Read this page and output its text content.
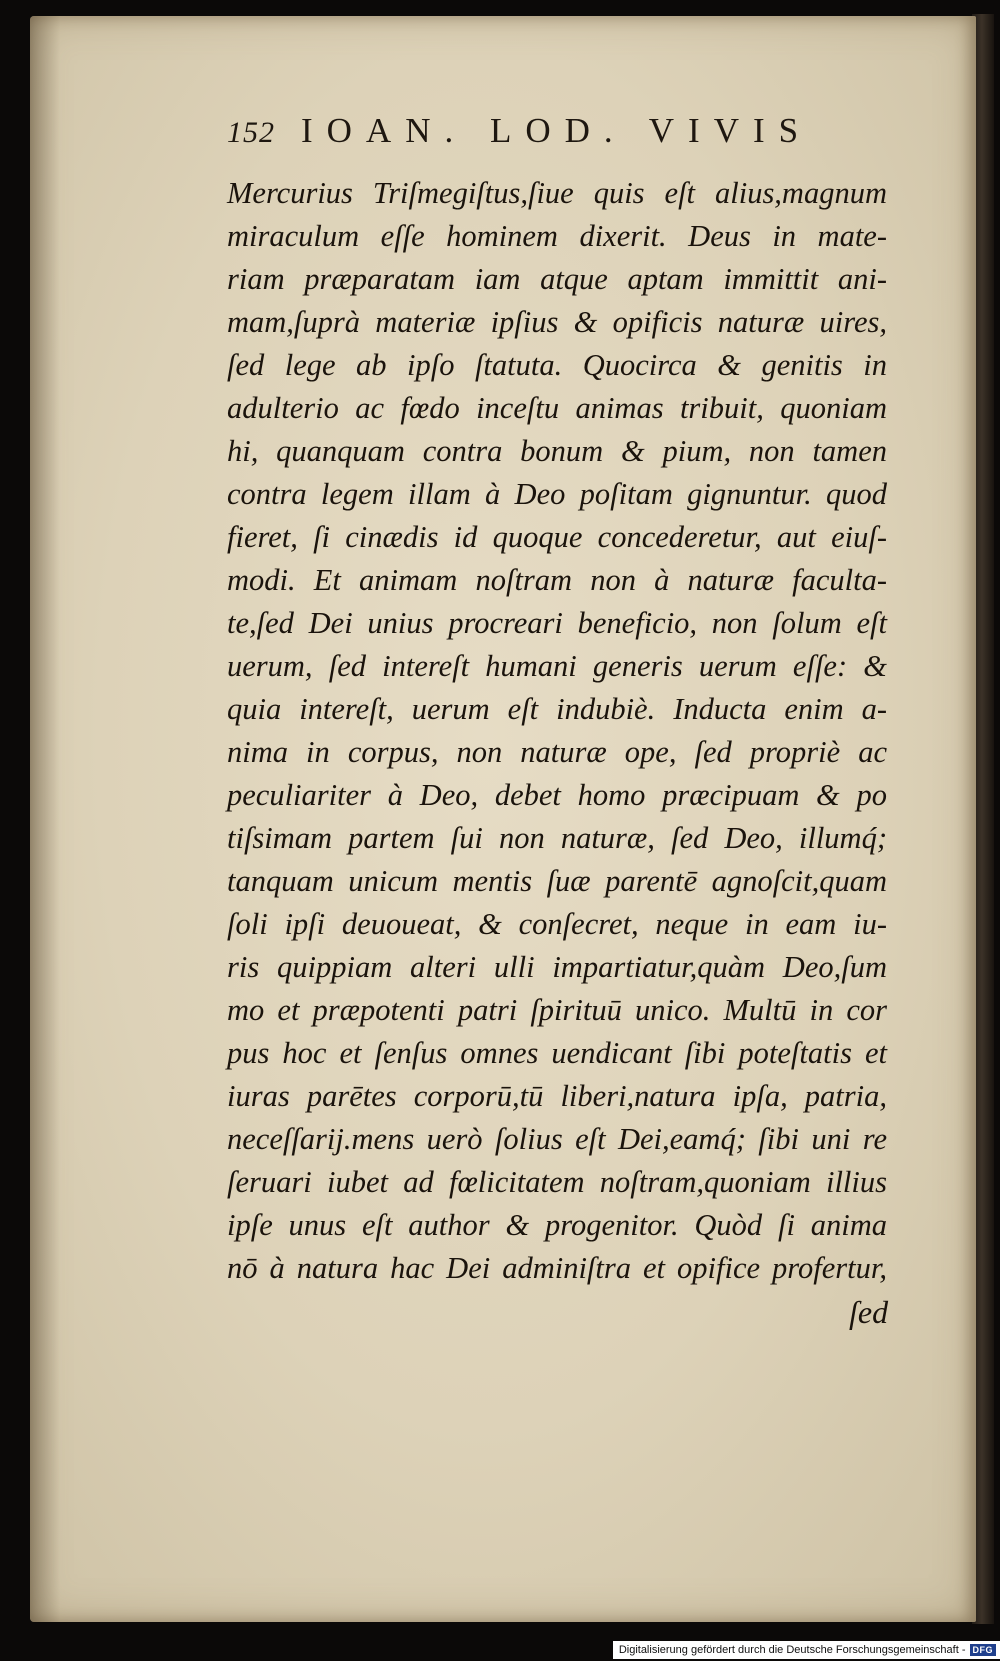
152 IOAN. LOD. VIVIS
Mercurius Triſmegiſtus,ſiue quis eſt alius,magnum
miraculum eſſe hominem dixerit. Deus in mate-
riam præparatam iam atque aptam immittit ani-
mam,ſuprà materiæ ipſius & opificis naturæ uires,
ſed lege ab ipſo ſtatuta. Quocirca & genitis in
adulterio ac fœdo inceſtu animas tribuit, quoniam
hi, quanquam contra bonum & pium, non tamen
contra legem illam à Deo poſitam gignuntur. quod
fieret, ſi cinædis id quoque concederetur, aut eiuſ-
modi. Et animam noſtram non à naturæ faculta-
te,ſed Dei unius procreari beneficio, non ſolum eſt
uerum, ſed intereſt humani generis uerum eſſe: &
quia intereſt, uerum eſt indubiè. Inducta enim a-
nima in corpus, non naturæ ope, ſed propriè ac
peculiariter à Deo, debet homo præcipuam & po
tiſsimam partem ſui non naturæ, ſed Deo, illumq́;
tanquam unicum mentis ſuæ parentē agnoſcit,quam
ſoli ipſi deuoueat, & conſecret, neque in eam iu-
ris quippiam alteri ulli impartiatur,quàm Deo,ſum
mo et præpotenti patri ſpirituū unico. Multū in cor
pus hoc et ſenſus omnes uendicant ſibi poteſtatis et
iuras parētes corporū,tū liberi,natura ipſa, patria,
neceſſarij.mens uerò ſolius eſt Dei,eamq́; ſibi uni re
ſeruari iubet ad fœlicitatem noſtram,quoniam illius
ipſe unus eſt author & progenitor. Quòd ſi anima
nō à natura hac Dei adminiſtra et opifice profertur,
ſed
Digitalisierung gefördert durch die Deutsche Forschungsgemeinschaft - DFG
